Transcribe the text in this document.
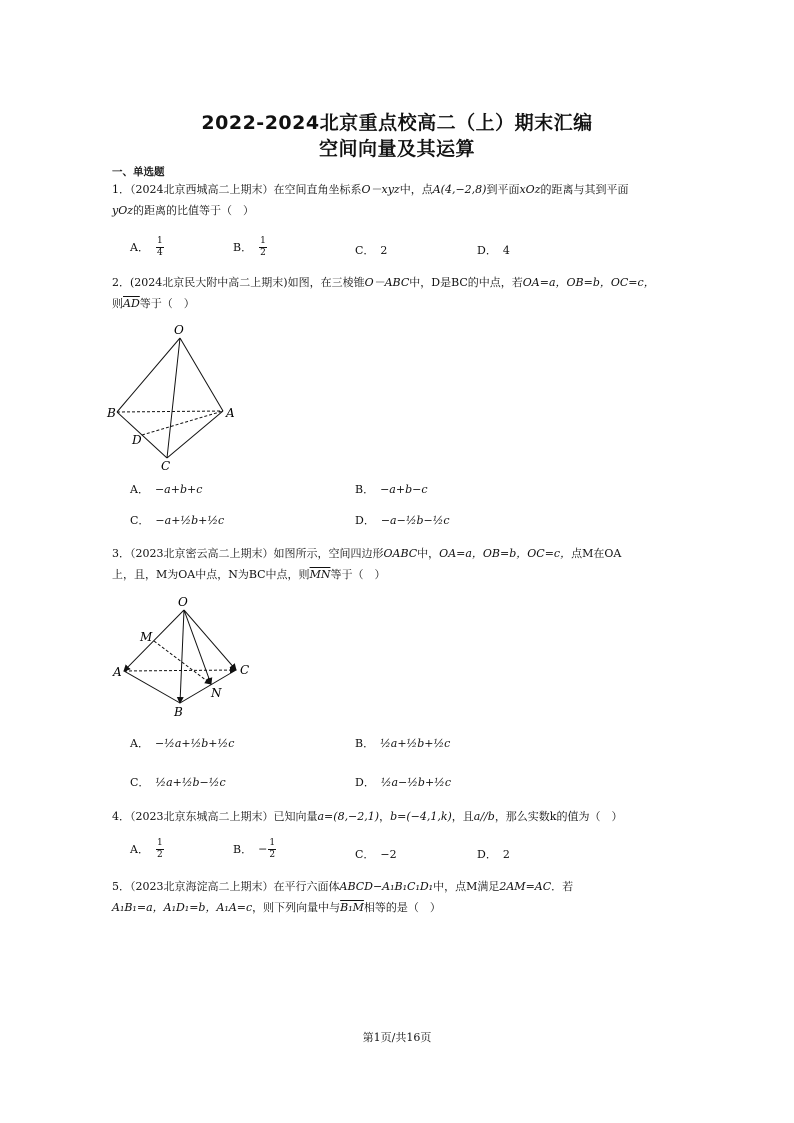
2022-2024北京重点校高二（上）期末汇编
空间向量及其运算
一、单选题
1．（2024北京西城高二上期末）在空间直角坐标系O－xyz中，点A(4,−2,8)到平面xOz的距离与其到平面
yOz的距离的比值等于（　）
A． $\frac{1}{4}$	B． $\frac{1}{2}$	C． 2	D． 4
2．(2024北京民大附中高二上期末)如图，在三棱锥O－ABC中，D是BC的中点，若OA=a，OB=b，OC=c，
则$\overline{AD}$等于（　）
O
B	A
D
C
A． −a+b+c	B． −a+b−c
C． −a+½b+½c	D． −a−½b−½c
3．（2023北京密云高二上期末）如图所示，空间四边形OABC中，OA=a，OB=b，OC=c，点M在OA
上，且，M为OA中点，N为BC中点，则$\overline{MN}$等于（　）
O
M
A	C
N
B
A． −½a+½b+½c	B． ½a+½b+½c
C． ½a+½b−½c	D． ½a−½b+½c
4．（2023北京东城高二上期末）已知向量a=(8,−2,1)，b=(−4,1,k)，且a//b，那么实数k的值为（　）
A． $\frac{1}{2}$	B． − $\frac{1}{2}$	C． −2	D． 2
5．（2023北京海淀高二上期末）在平行六面体ABCD−A₁B₁C₁D₁中，点M满足2AM=AC．若
A₁B₁=a，A₁D₁=b，A₁A=c，则下列向量中与B₁M相等的是（　）
第1页/共16页
